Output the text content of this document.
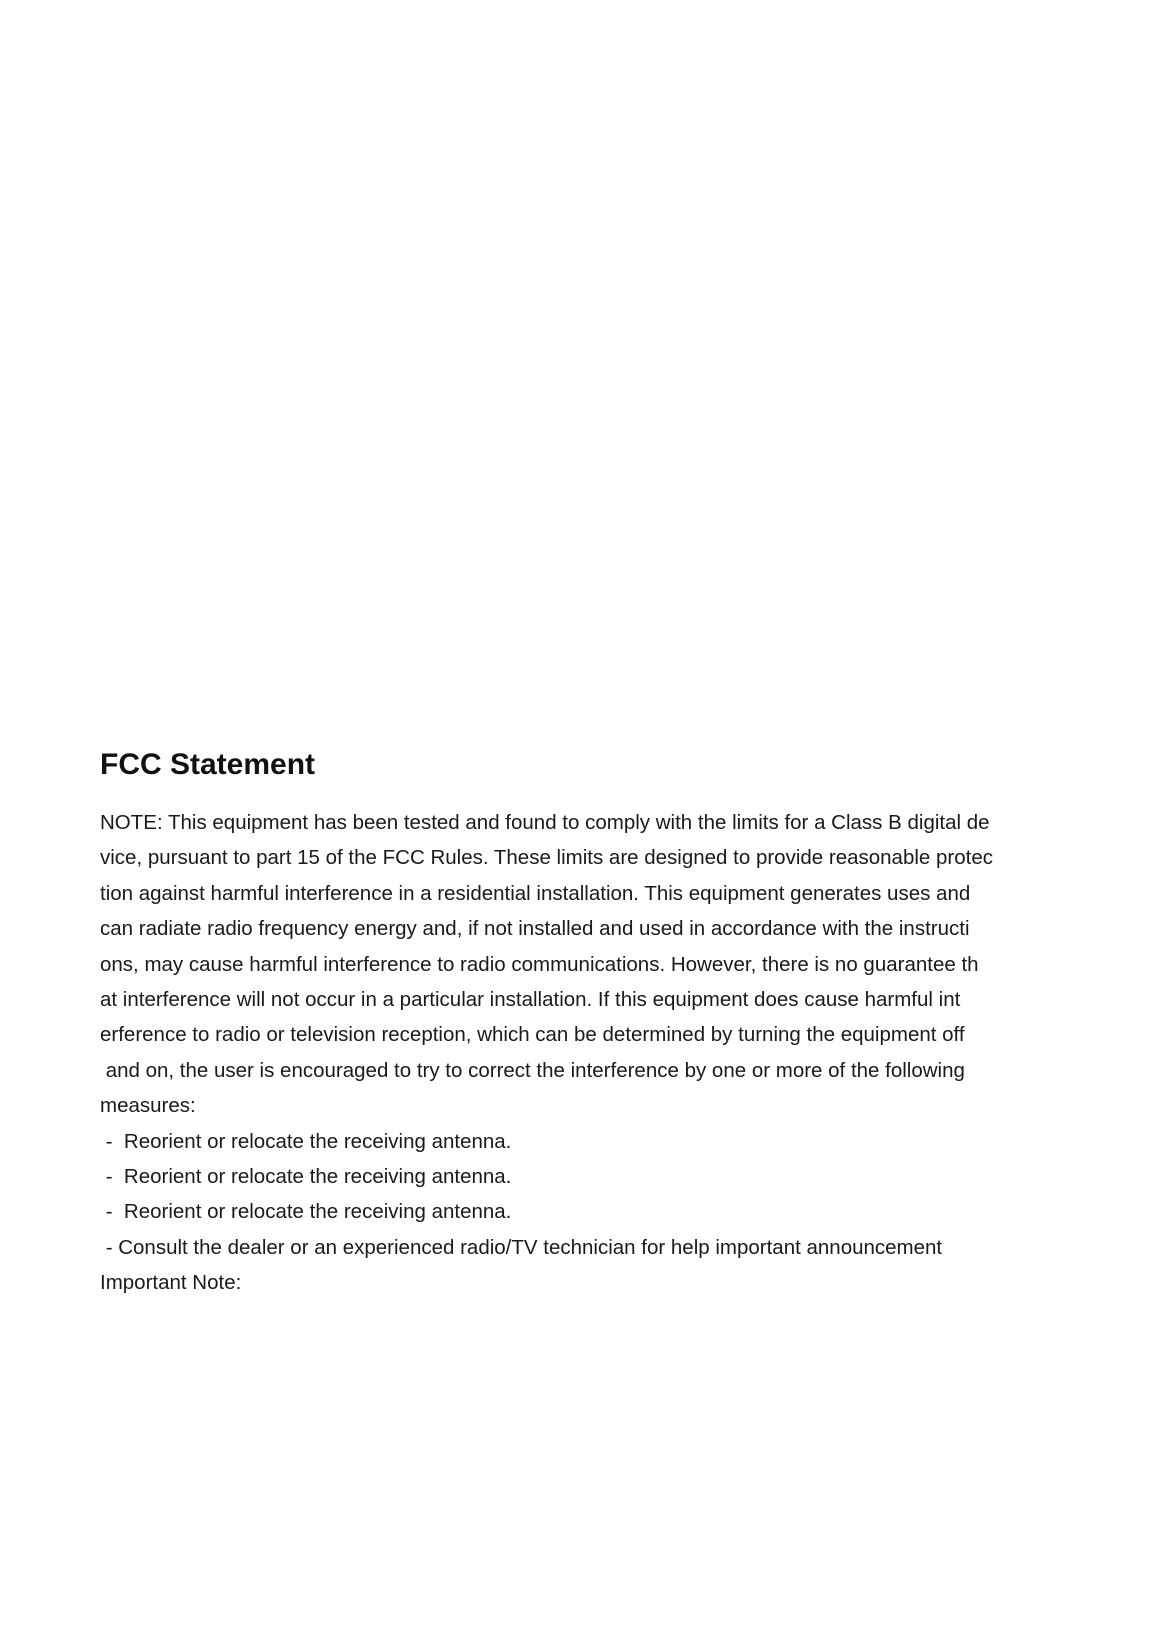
FCC Statement
NOTE: This equipment has been tested and found to comply with the limits for a Class B digital de
vice, pursuant to part 15 of the FCC Rules. These limits are designed to provide reasonable protec
tion against harmful interference in a residential installation. This equipment generates uses and
can radiate radio frequency energy and, if not installed and used in accordance with the instructi
ons, may cause harmful interference to radio communications. However, there is no guarantee th
at interference will not occur in a particular installation. If this equipment does cause harmful int
erference to radio or television reception, which can be determined by turning the equipment off
and on, the user is encouraged to try to correct the interference by one or more of the following
measures:
-  Reorient or relocate the receiving antenna.
-  Reorient or relocate the receiving antenna.
-  Reorient or relocate the receiving antenna.
- Consult the dealer or an experienced radio/TV technician for help important announcement
Important Note:
